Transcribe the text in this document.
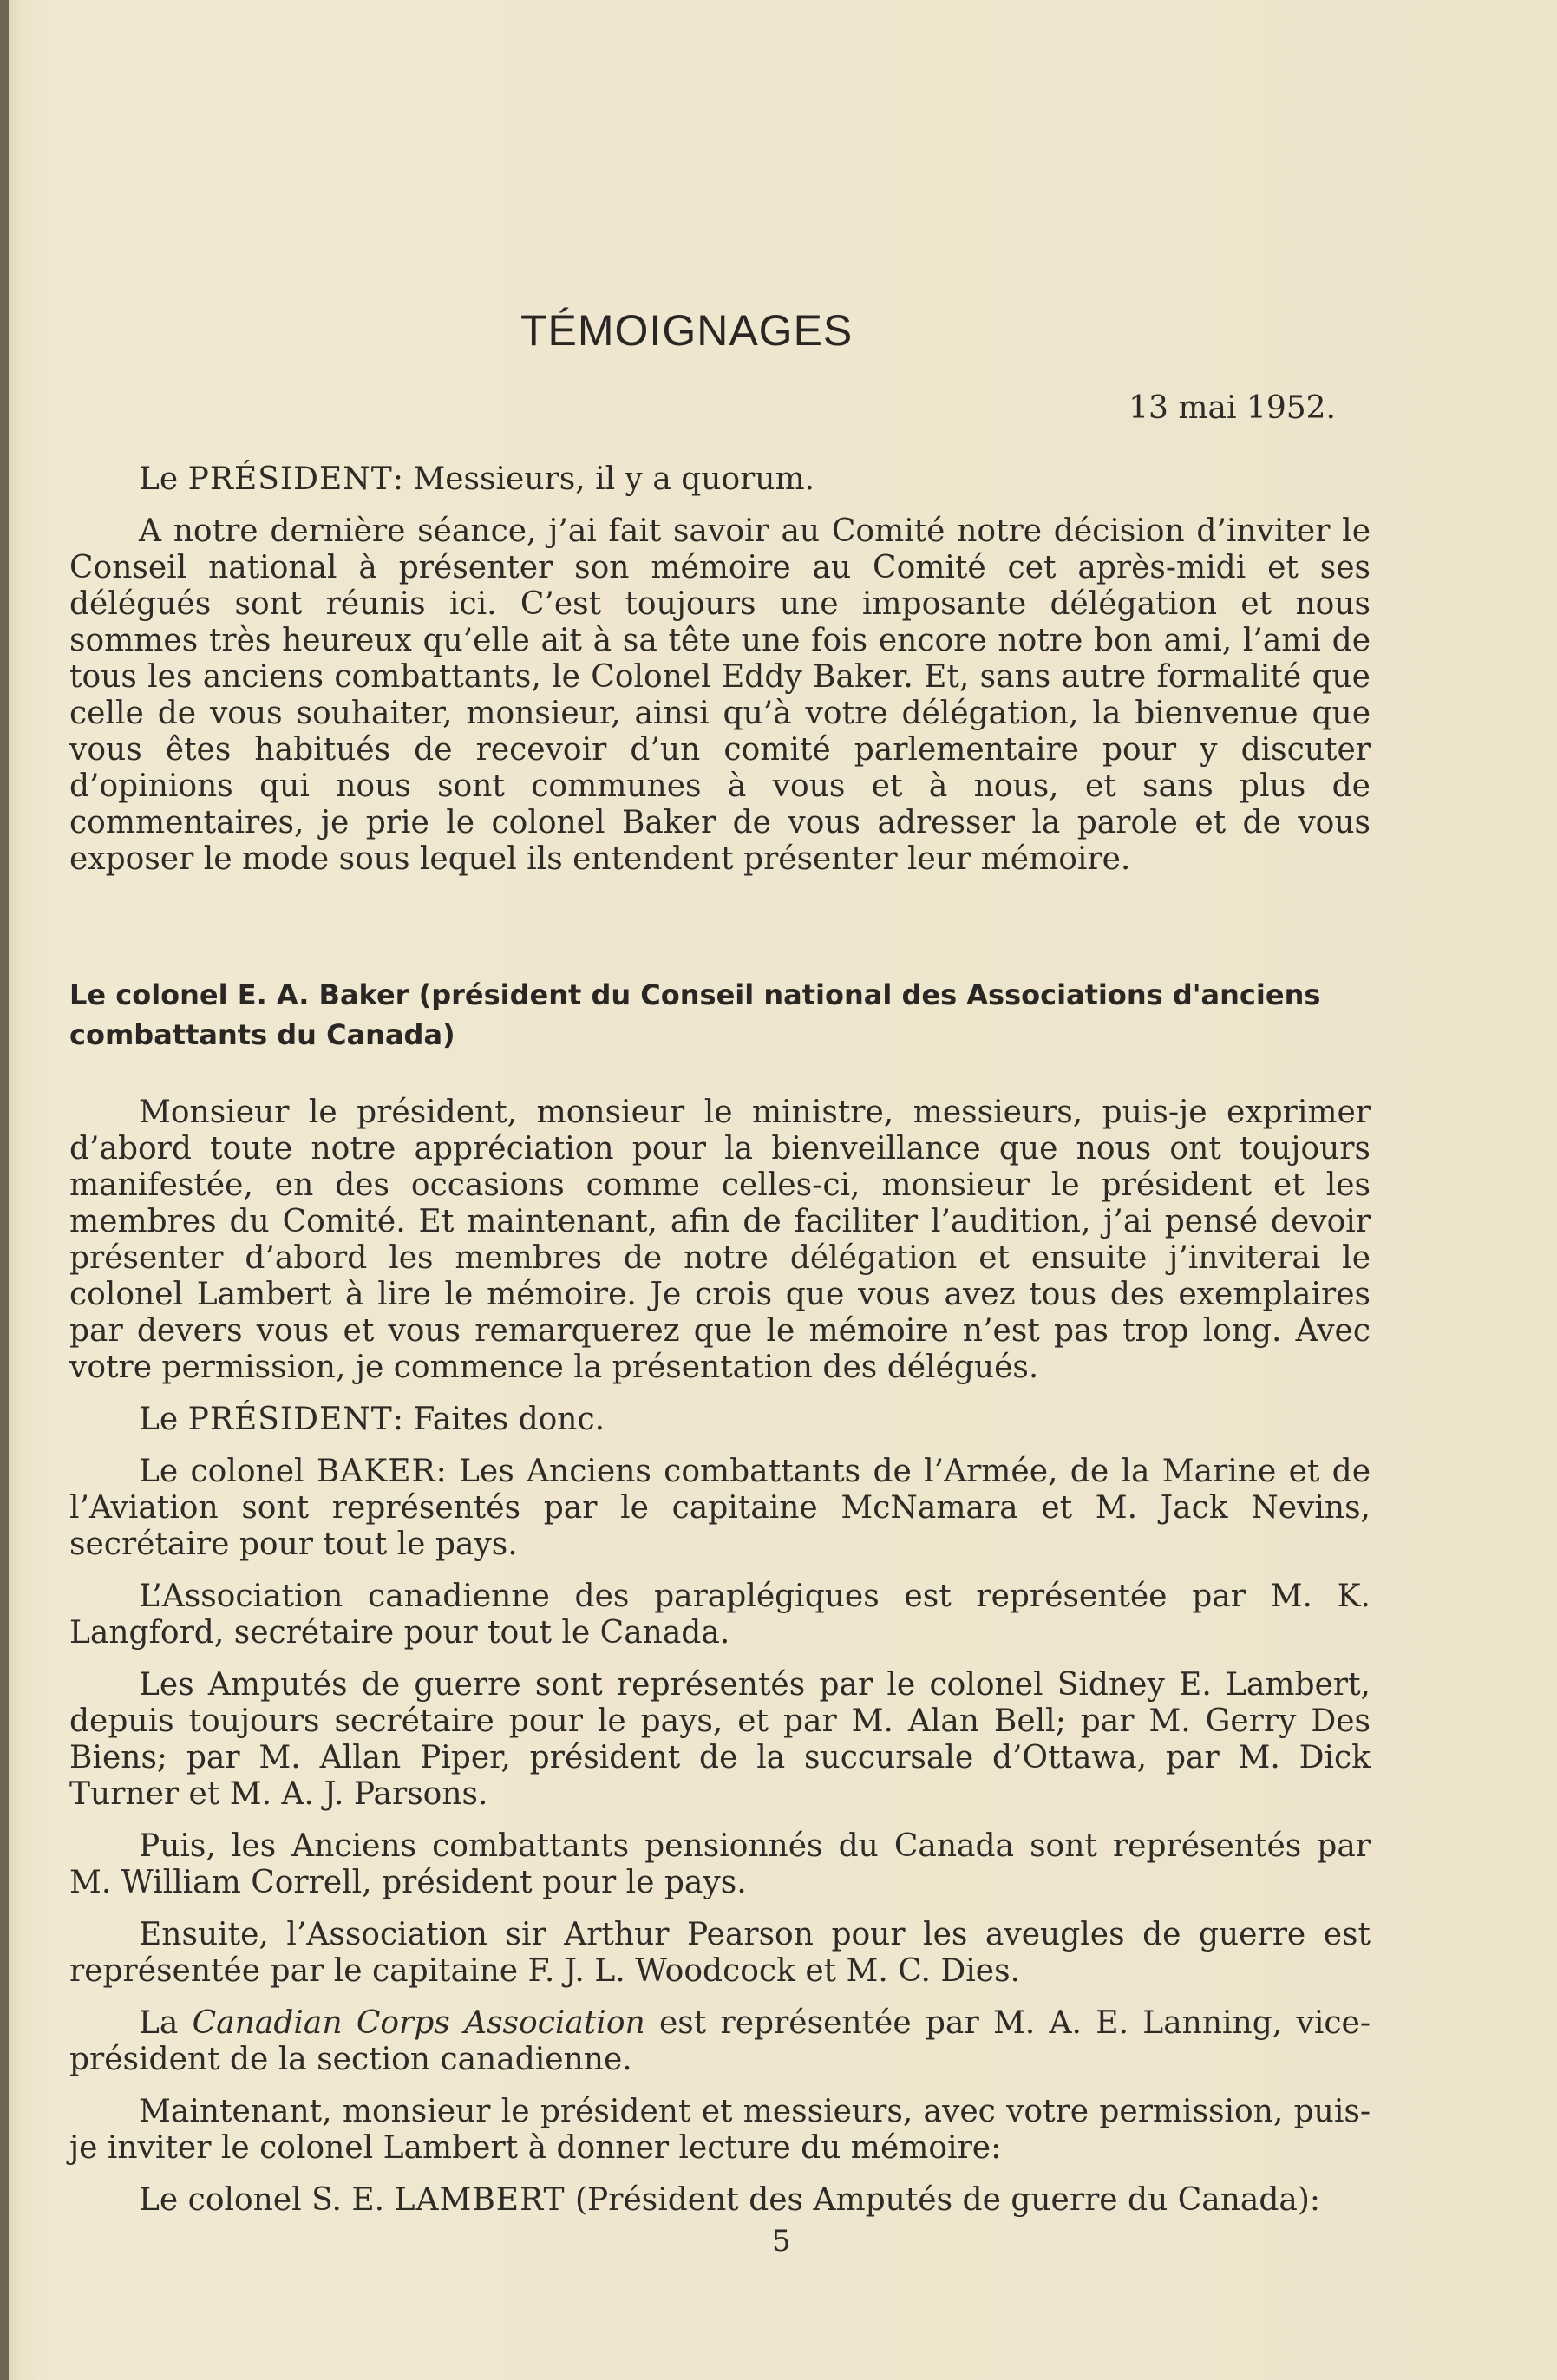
TÉMOIGNAGES
13 mai 1952.

Le PRÉSIDENT: Messieurs, il y a quorum.

A notre dernière séance, j’ai fait savoir au Comité notre décision d’inviter le Conseil national à présenter son mémoire au Comité cet après-midi et ses délégués sont réunis ici. C’est toujours une imposante délégation et nous sommes très heureux qu’elle ait à sa tête une fois encore notre bon ami, l’ami de tous les anciens combattants, le Colonel Eddy Baker. Et, sans autre formalité que celle de vous souhaiter, monsieur, ainsi qu’à votre délégation, la bienvenue que vous êtes habitués de recevoir d’un comité parlementaire pour y discuter d’opinions qui nous sont communes à vous et à nous, et sans plus de commentaires, je prie le colonel Baker de vous adresser la parole et de vous exposer le mode sous lequel ils entendent présenter leur mémoire.

Le colonel E. A. Baker (président du Conseil national des Associations d'anciens combattants du Canada)

Monsieur le président, monsieur le ministre, messieurs, puis-je exprimer d’abord toute notre appréciation pour la bienveillance que nous ont toujours manifestée, en des occasions comme celles-ci, monsieur le président et les membres du Comité. Et maintenant, afin de faciliter l’audition, j’ai pensé devoir présenter d’abord les membres de notre délégation et ensuite j’inviterai le colonel Lambert à lire le mémoire. Je crois que vous avez tous des exemplaires par devers vous et vous remarquerez que le mémoire n’est pas trop long. Avec votre permission, je commence la présentation des délégués.

Le PRÉSIDENT: Faites donc.

Le colonel BAKER: Les Anciens combattants de l’Armée, de la Marine et de l’Aviation sont représentés par le capitaine McNamara et M. Jack Nevins, secrétaire pour tout le pays.

L’Association canadienne des paraplégiques est représentée par M. K. Langford, secrétaire pour tout le Canada.

Les Amputés de guerre sont représentés par le colonel Sidney E. Lambert, depuis toujours secrétaire pour le pays, et par M. Alan Bell; par M. Gerry Des Biens; par M. Allan Piper, président de la succursale d’Ottawa, par M. Dick Turner et M. A. J. Parsons.

Puis, les Anciens combattants pensionnés du Canada sont représentés par M. William Correll, président pour le pays.

Ensuite, l’Association sir Arthur Pearson pour les aveugles de guerre est représentée par le capitaine F. J. L. Woodcock et M. C. Dies.

La Canadian Corps Association est représentée par M. A. E. Lanning, vice-président de la section canadienne.

Maintenant, monsieur le président et messieurs, avec votre permission, puis-je inviter le colonel Lambert à donner lecture du mémoire:

Le colonel S. E. LAMBERT (Président des Amputés de guerre du Canada):

5
